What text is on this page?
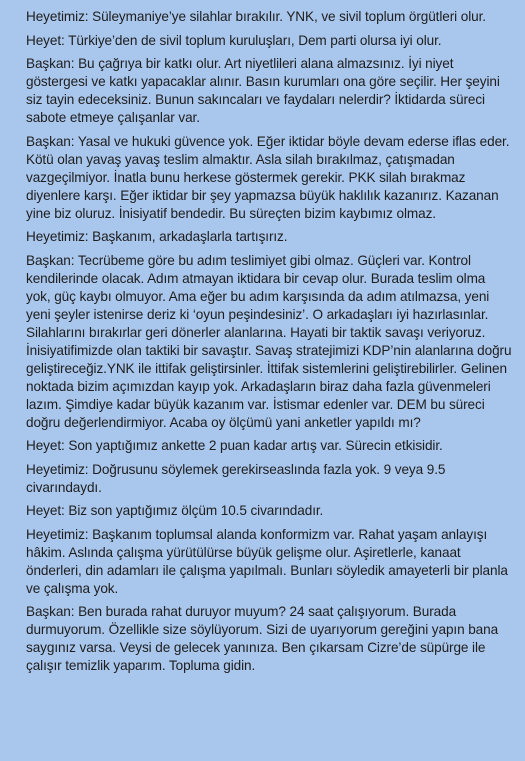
Heyetimiz: Süleymaniye’ye silahlar bırakılır. YNK, ve sivil toplum örgütleri olur.

Heyet: Türkiye’den de sivil toplum kuruluşları, Dem parti olursa iyi olur.

Başkan: Bu çağrıya bir katkı olur. Art niyetlileri alana almazsınız. İyi niyet göstergesi ve katkı yapacaklar alınır. Basın kurumları ona göre seçilir. Her şeyini siz tayin edeceksiniz. Bunun sakıncaları ve faydaları nelerdir? İktidarda süreci sabote etmeye çalışanlar var.

Başkan: Yasal ve hukuki güvence yok. Eğer iktidar böyle devam ederse iflas eder. Kötü olan yavaş yavaş teslim almaktır. Asla silah bırakılmaz, çatışmadan vazgeçilmiyor. İnatla bunu herkese göstermek gerekir. PKK silah bırakmaz diyenlere karşı. Eğer iktidar bir şey yapmazsa büyük haklılık kazanırız. Kazanan yine biz oluruz. İnisiyatif bendedir. Bu süreçten bizim kaybımız olmaz.

Heyetimiz: Başkanım, arkadaşlarla tartışırız.

Başkan: Tecrübeme göre bu adım teslimiyet gibi olmaz. Güçleri var. Kontrol kendilerinde olacak. Adım atmayan iktidara bir cevap olur. Burada teslim olma yok, güç kaybı olmuyor. Ama eğer bu adım karşısında da adım atılmazsa, yeni yeni şeyler istenirse deriz ki ‘oyun peşindesiniz’. O arkadaşları iyi hazırlasınlar. Silahlarını bırakırlar geri dönerler alanlarına. Hayati bir taktik savaşı veriyoruz. İnisiyatifimizde olan taktiki bir savaştır. Savaş stratejimizi KDP’nin alanlarına doğru geliştireceğiz.YNK ile ittifak geliştirsinler. İttifak sistemlerini geliştirebilirler. Gelinen noktada bizim açımızdan kayıp yok. Arkadaşların biraz daha fazla güvenmeleri lazım. Şimdiye kadar büyük kazanım var. İstismar edenler var. DEM bu süreci doğru değerlendirmiyor. Acaba oy ölçümü yani anketler yapıldı mı?

Heyet: Son yaptığımız ankette 2 puan kadar artış var. Sürecin etkisidir.

Heyetimiz: Doğrusunu söylemek gerekirseaslında fazla yok. 9 veya 9.5 civarındaydı.

Heyet: Biz son yaptığımız ölçüm 10.5 civarındadır.

Heyetimiz: Başkanım toplumsal alanda konformizm var. Rahat yaşam anlayışı hâkim. Aslında çalışma yürütülürse büyük gelişme olur. Aşiretlerle, kanaat önderleri, din adamları ile çalışma yapılmalı. Bunları söyledik amayeterli bir planla ve çalışma yok.

Başkan: Ben burada rahat duruyor muyum? 24 saat çalışıyorum. Burada durmuyorum. Özellikle size söylüyorum. Sizi de uyarıyorum gereğini yapın bana saygınız varsa. Veysi de gelecek yanınıza. Ben çıkarsam Cizre’de süpürge ile çalışır temizlik yaparım. Topluma gidin.
